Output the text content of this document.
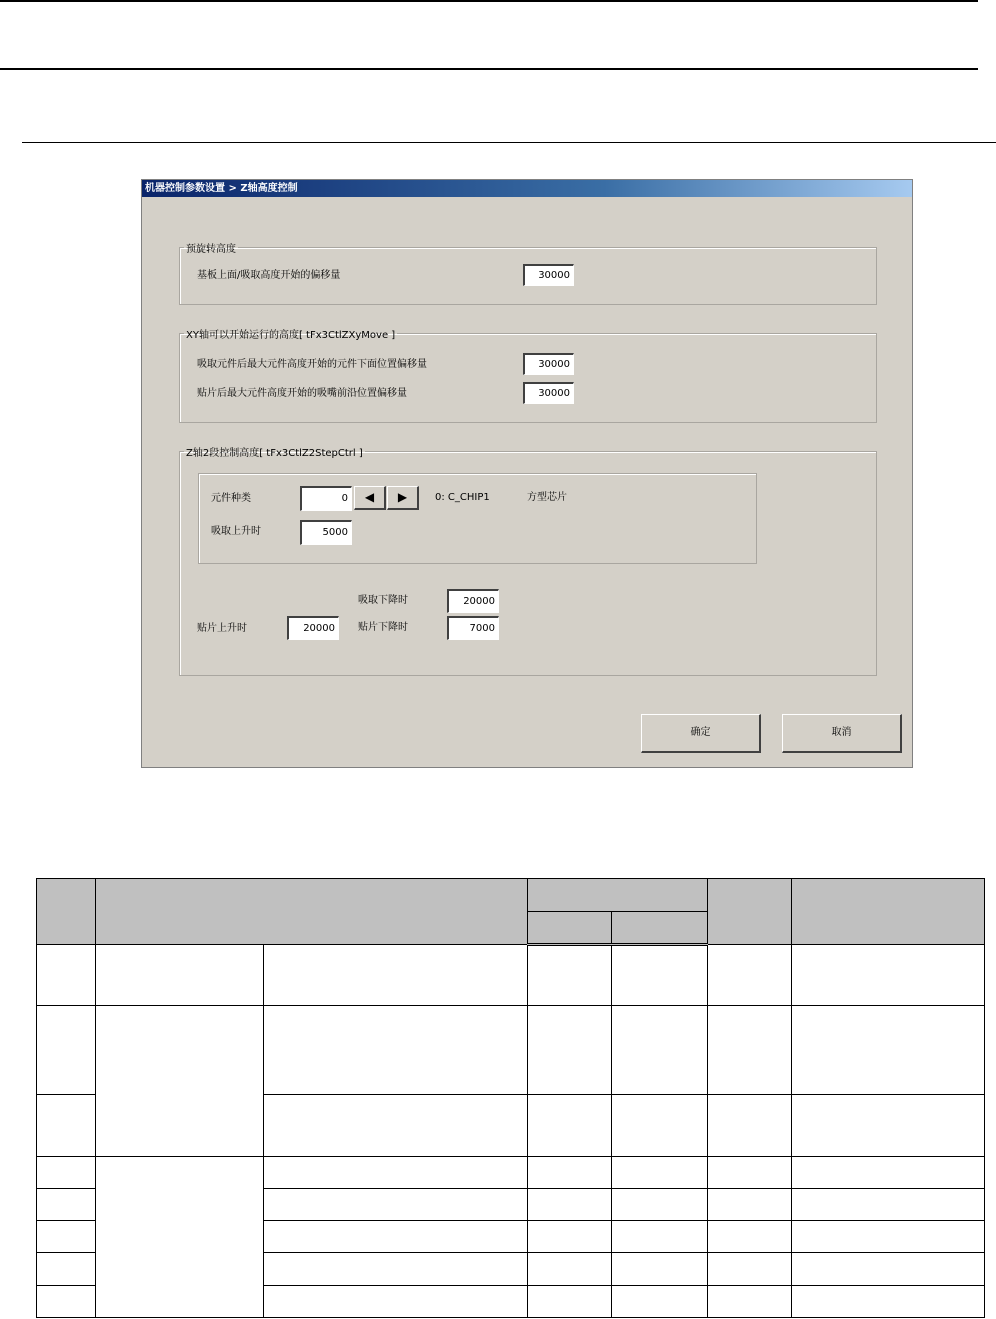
机器控制参数设置 > Z轴高度控制
预旋转高度
基板上面/吸取高度开始的偏移量	30000
XY轴可以开始运行的高度[ tFx3CtlZXyMove ]
吸取元件后最大元件高度开始的元件下面位置偏移量	30000
贴片后最大元件高度开始的吸嘴前沿位置偏移量	30000
Z轴2段控制高度[ tFx3CtlZ2StepCtrl ]
元件种类	0	◀	▶	0: C_CHIP1	方型芯片
吸取上升时	5000
吸取下降时	20000
贴片上升时	20000	贴片下降时	7000
确定	取消
